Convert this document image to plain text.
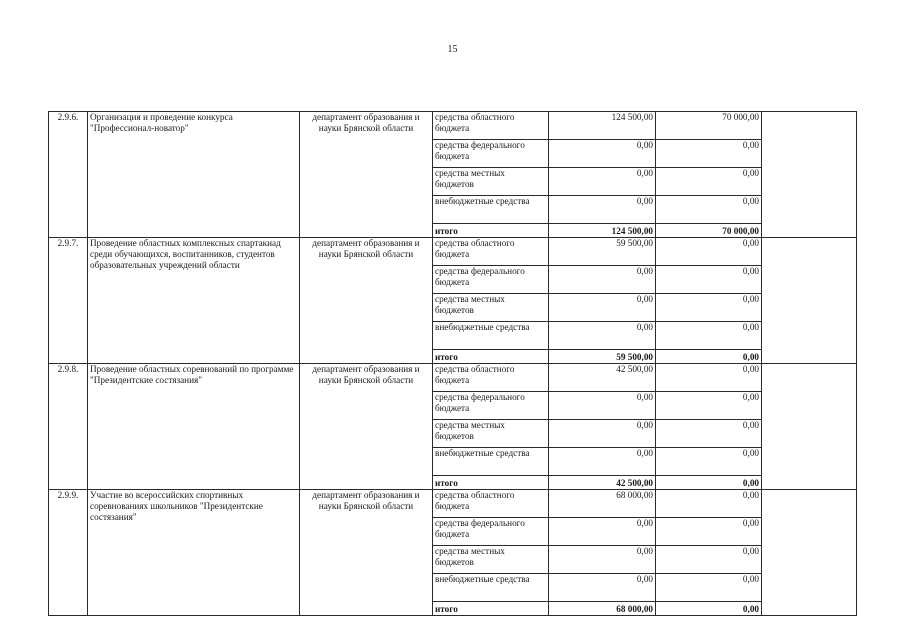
15
·
2.9.6.	Организация и проведение конкурса "Профессионал-новатор"	департамент образования и науки Брянской области	средства областного бюджета	124 500,00	70 000,00	
			средства федерального бюджета	0,00	0,00	
			средства местных бюджетов	0,00	0,00	
			внебюджетные средства	0,00	0,00	
			итого	124 500,00	70 000,00	
2.9.7.	Проведение областных комплексных спартакиад среди обучающихся, воспитанников, студентов образовательных учреждений области	департамент образования и науки Брянской области	средства областного бюджета	59 500,00	0,00	
			средства федерального бюджета	0,00	0,00	
			средства местных бюджетов	0,00	0,00	
			внебюджетные средства	0,00	0,00	
			итого	59 500,00	0,00	
2.9.8.	Проведение областных соревнований по программе "Президентские состязания"	департамент образования и науки Брянской области	средства областного бюджета	42 500,00	0,00	
			средства федерального бюджета	0,00	0,00	
			средства местных бюджетов	0,00	0,00	
			внебюджетные средства	0,00	0,00	
			итого	42 500,00	0,00	
2.9.9.	Участие во всероссийских спортивных соревнованиях школьников "Президентские состязания"	департамент образования и науки Брянской области	средства областного бюджета	68 000,00	0,00	
			средства федерального бюджета	0,00	0,00	
			средства местных бюджетов	0,00	0,00	
			внебюджетные средства	0,00	0,00	
			итого	68 000,00	0,00	
